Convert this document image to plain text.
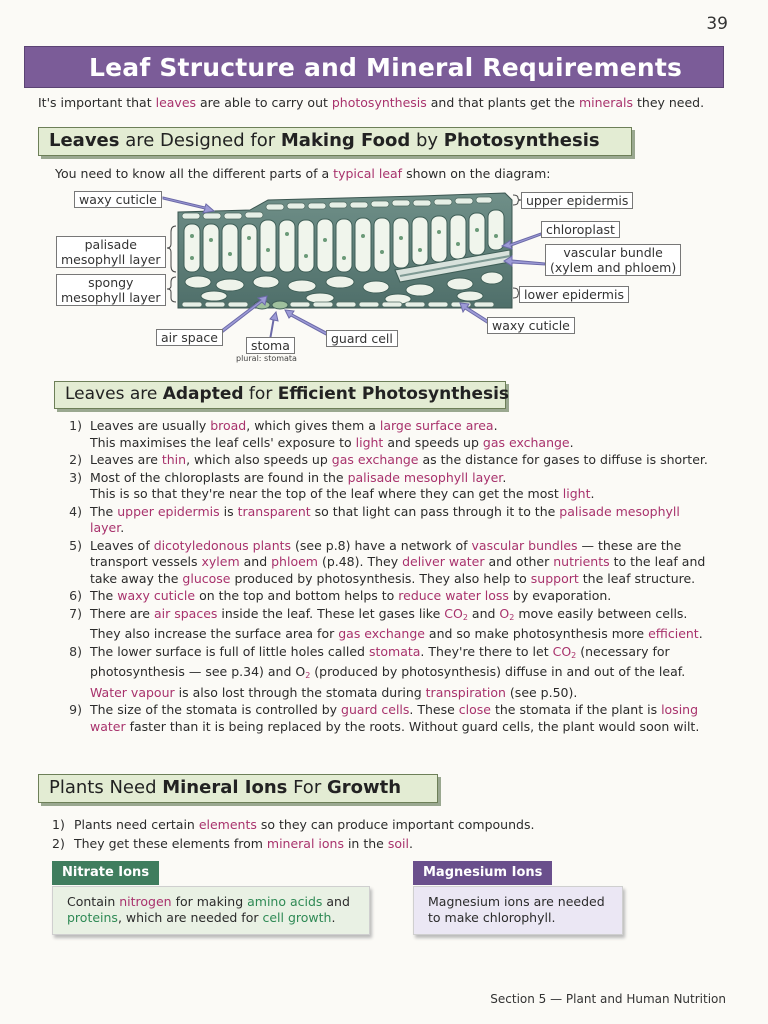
39
Leaf Structure and Mineral Requirements
It's important that leaves are able to carry out photosynthesis and that plants get the minerals they need.
Leaves are Designed for Making Food by Photosynthesis
You need to know all the different parts of a typical leaf shown on the diagram:
waxy cuticle	upper epidermis
chloroplast
palisade
mesophyll layer	vascular bundle
(xylem and phloem)
spongy
mesophyll layer	lower epidermis
waxy cuticle
air space	guard cell
stoma
plural: stomata
Leaves are Adapted for Efficient Photosynthesis
1) Leaves are usually broad, which gives them a large surface area.
This maximises the leaf cells' exposure to light and speeds up gas exchange.
2) Leaves are thin, which also speeds up gas exchange as the distance for gases to diffuse is shorter.
3) Most of the chloroplasts are found in the palisade mesophyll layer.
This is so that they're near the top of the leaf where they can get the most light.
4) The upper epidermis is transparent so that light can pass through it to the palisade mesophyll layer.
5) Leaves of dicotyledonous plants (see p.8) have a network of vascular bundles — these are the transport vessels xylem and phloem (p.48). They deliver water and other nutrients to the leaf and take away the glucose produced by photosynthesis. They also help to support the leaf structure.
6) The waxy cuticle on the top and bottom helps to reduce water loss by evaporation.
7) There are air spaces inside the leaf. These let gases like $CO_2$ and $O_2$ move easily between cells. They also increase the surface area for gas exchange and so make photosynthesis more efficient.
8) The lower surface is full of little holes called stomata. They're there to let $CO_2$ (necessary for photosynthesis — see p.34) and $O_2$ (produced by photosynthesis) diffuse in and out of the leaf. Water vapour is also lost through the stomata during transpiration (see p.50).
9) The size of the stomata is controlled by guard cells. These close the stomata if the plant is losing water faster than it is being replaced by the roots. Without guard cells, the plant would soon wilt.
Plants Need Mineral Ions For Growth
1) Plants need certain elements so they can produce important compounds.
2) They get these elements from mineral ions in the soil.
Nitrate Ions
Contain nitrogen for making amino acids and proteins, which are needed for cell growth.
Magnesium Ions
Magnesium ions are needed to make chlorophyll.
Section 5 — Plant and Human Nutrition
